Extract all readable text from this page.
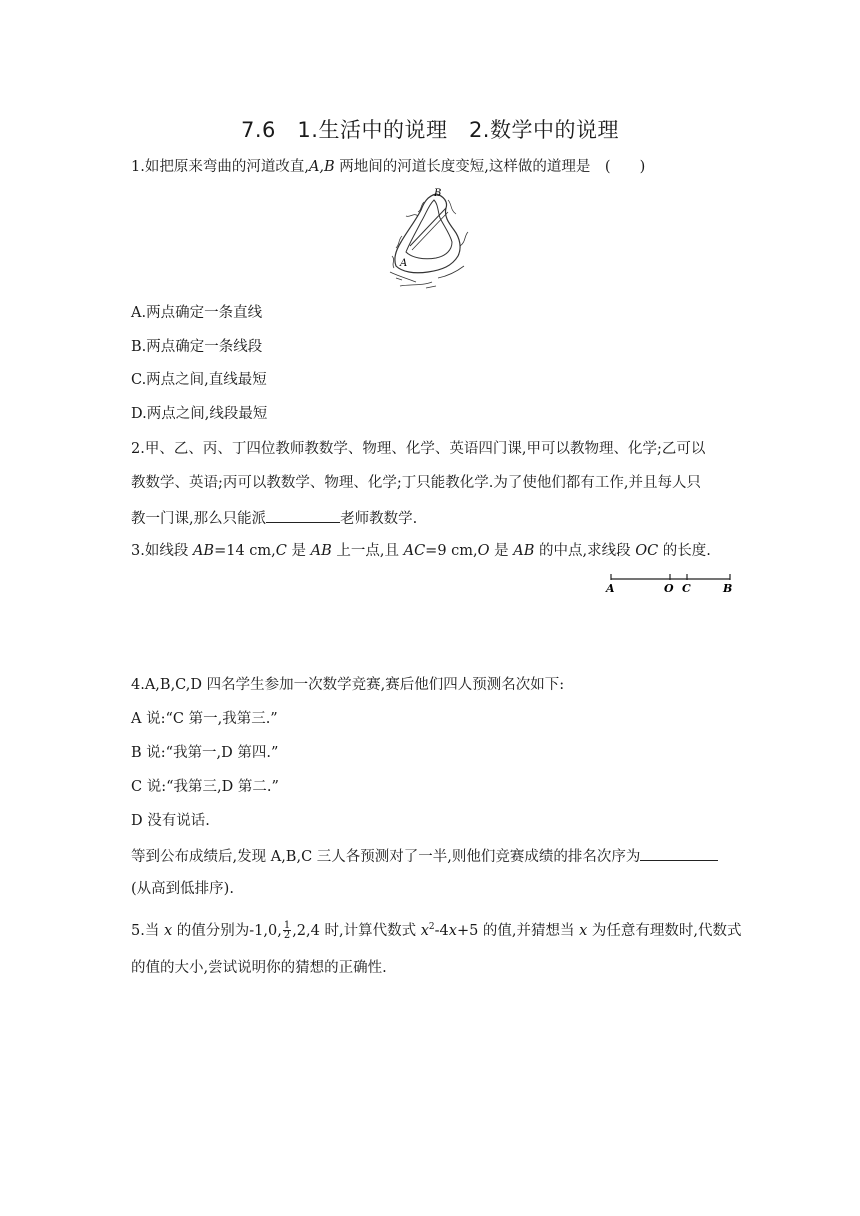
7.6　1.生活中的说理　2.数学中的说理
1.如把原来弯曲的河道改直,A,B 两地间的河道长度变短,这样做的道理是　(　　)
B
A
A.两点确定一条直线
B.两点确定一条线段
C.两点之间,直线最短
D.两点之间,线段最短
2.甲、乙、丙、丁四位教师教数学、物理、化学、英语四门课,甲可以教物理、化学;乙可以
教数学、英语;丙可以教数学、物理、化学;丁只能教化学.为了使他们都有工作,并且每人只
教一门课,那么只能派	老师教数学.
3.如线段 AB=14 cm,C 是 AB 上一点,且 AC=9 cm,O 是 AB 的中点,求线段 OC 的长度.
A	O C	B
4.A,B,C,D 四名学生参加一次数学竞赛,赛后他们四人预测名次如下:
A 说:“C 第一,我第三.”
B 说:“我第一,D 第四.”
C 说:“我第三,D 第二.”
D 没有说话.
等到公布成绩后,发现 A,B,C 三人各预测对了一半,则他们竞赛成绩的排名次序为
(从高到低排序).
5.当 x 的值分别为-1,0, $\frac{1}{2} ,2,4$ 时,计算代数式 $x^2-4x+5$ 的值,并猜想当 x 为任意有理数时,代数式
的值的大小,尝试说明你的猜想的正确性.
